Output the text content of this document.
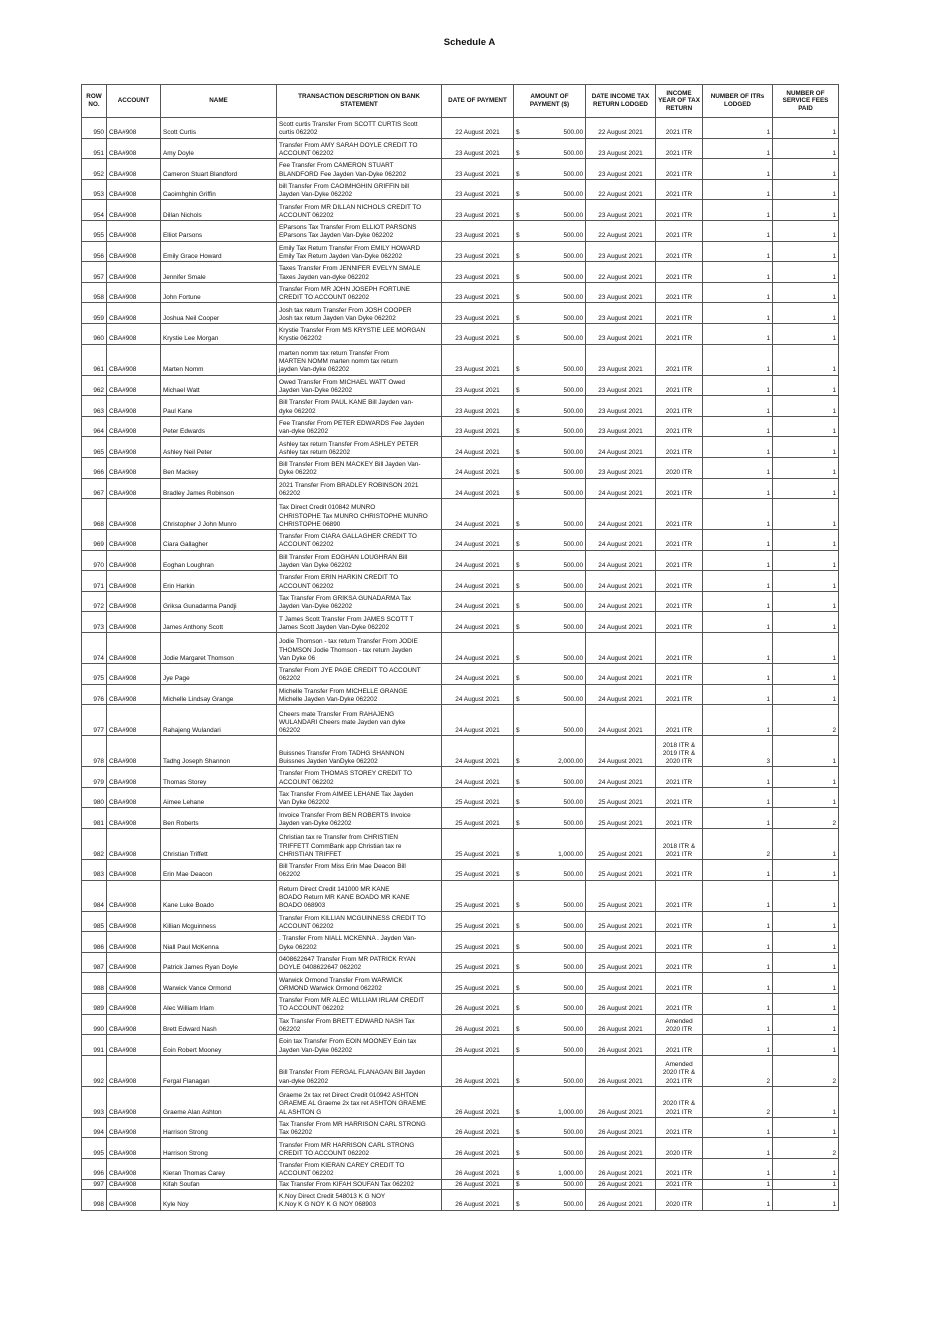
Schedule A
ROW NO.	ACCOUNT	NAME	TRANSACTION DESCRIPTION ON BANK STATEMENT	DATE OF PAYMENT	AMOUNT OF PAYMENT ($)	DATE INCOME TAX RETURN LODGED	INCOME YEAR OF TAX RETURN	NUMBER OF ITRs LODGED	NUMBER OF SERVICE FEES PAID
950	CBA#908	Scott Curtis	Scott curtis Transfer From SCOTT CURTIS Scott
curtis 062202	22 August 2021	$ 500.00	22 August 2021	2021 ITR	1	1
951	CBA#908	Amy Doyle	Transfer From AMY SARAH DOYLE CREDIT TO
ACCOUNT 062202	23 August 2021	$ 500.00	23 August 2021	2021 ITR	1	1
952	CBA#908	Cameron Stuart Blandford	Fee Transfer From CAMERON STUART
BLANDFORD Fee Jayden Van-Dyke 062202	23 August 2021	$ 500.00	23 August 2021	2021 ITR	1	1
953	CBA#908	Caoimhghin Griffin	bill Transfer From CAOIMHGHIN GRIFFIN bill
Jayden Van-Dyke 062202	23 August 2021	$ 500.00	22 August 2021	2021 ITR	1	1
954	CBA#908	Dillan Nichols	Transfer From MR DILLAN NICHOLS CREDIT TO
ACCOUNT 062202	23 August 2021	$ 500.00	23 August 2021	2021 ITR	1	1
955	CBA#908	Elliot Parsons	EParsons Tax Transfer From ELLIOT PARSONS
EParsons Tax Jayden Van-Dyke 062202	23 August 2021	$ 500.00	22 August 2021	2021 ITR	1	1
956	CBA#908	Emily Grace Howard	Emily Tax Return Transfer From EMILY HOWARD
Emily Tax Return Jayden Van-Dyke 062202	23 August 2021	$ 500.00	23 August 2021	2021 ITR	1	1
957	CBA#908	Jennifer Smale	Taxes Transfer From JENNIFER EVELYN SMALE
Taxes Jayden van-dyke 062202	23 August 2021	$ 500.00	22 August 2021	2021 ITR	1	1
958	CBA#908	John Fortune	Transfer From MR JOHN JOSEPH FORTUNE
CREDIT TO ACCOUNT 062202	23 August 2021	$ 500.00	23 August 2021	2021 ITR	1	1
959	CBA#908	Joshua Neil Cooper	Josh tax return Transfer From JOSH COOPER
Josh tax return Jayden Van Dyke 062202	23 August 2021	$ 500.00	23 August 2021	2021 ITR	1	1
960	CBA#908	Krystie Lee Morgan	Krystie Transfer From MS KRYSTIE LEE MORGAN
Krystie 062202	23 August 2021	$ 500.00	23 August 2021	2021 ITR	1	1
961	CBA#908	Marten Nomm	marten nomm tax return Transfer From
MARTEN NOMM marten nomm tax return
jayden Van-dyke 062202	23 August 2021	$ 500.00	23 August 2021	2021 ITR	1	1
962	CBA#908	Michael Watt	Owed Transfer From MICHAEL WATT Owed
Jayden Van-Dyke 062202	23 August 2021	$ 500.00	23 August 2021	2021 ITR	1	1
963	CBA#908	Paul Kane	Bill Transfer From PAUL KANE Bill Jayden van-
dyke 062202	23 August 2021	$ 500.00	23 August 2021	2021 ITR	1	1
964	CBA#908	Peter Edwards	Fee Transfer From PETER EDWARDS Fee Jayden
van-dyke 062202	23 August 2021	$ 500.00	23 August 2021	2021 ITR	1	1
965	CBA#908	Ashley Neil Peter	Ashley tax return Transfer From ASHLEY PETER
Ashley tax return 062202	24 August 2021	$ 500.00	24 August 2021	2021 ITR	1	1
966	CBA#908	Ben Mackey	Bill Transfer From BEN MACKEY Bill Jayden Van-
Dyke 062202	24 August 2021	$ 500.00	23 August 2021	2020 ITR	1	1
967	CBA#908	Bradley James Robinson	2021 Transfer From BRADLEY ROBINSON 2021
062202	24 August 2021	$ 500.00	24 August 2021	2021 ITR	1	1
968	CBA#908	Christopher J John Munro	Tax Direct Credit 010842 MUNRO
CHRISTOPHE Tax MUNRO CHRISTOPHE MUNRO
CHRISTOPHE 06890	24 August 2021	$ 500.00	24 August 2021	2021 ITR	1	1
969	CBA#908	Ciara Gallagher	Transfer From CIARA GALLAGHER CREDIT TO
ACCOUNT 062202	24 August 2021	$ 500.00	24 August 2021	2021 ITR	1	1
970	CBA#908	Eoghan Loughran	Bill Transfer From EOGHAN LOUGHRAN Bill
Jayden Van Dyke 062202	24 August 2021	$ 500.00	24 August 2021	2021 ITR	1	1
971	CBA#908	Erin Harkin	Transfer From ERIN HARKIN CREDIT TO
ACCOUNT 062202	24 August 2021	$ 500.00	24 August 2021	2021 ITR	1	1
972	CBA#908	Griksa Gunadarma Pandji	Tax Transfer From GRIKSA GUNADARMA Tax
Jayden Van-Dyke 062202	24 August 2021	$ 500.00	24 August 2021	2021 ITR	1	1
973	CBA#908	James Anthony Scott	T James Scott Transfer From JAMES SCOTT T
James Scott Jayden Van-Dyke 062202	24 August 2021	$ 500.00	24 August 2021	2021 ITR	1	1
974	CBA#908	Jodie Margaret Thomson	Jodie Thomson - tax return Transfer From JODIE
THOMSON Jodie Thomson - tax return Jayden
Van Dyke 06	24 August 2021	$ 500.00	24 August 2021	2021 ITR	1	1
975	CBA#908	Jye Page	Transfer From JYE PAGE CREDIT TO ACCOUNT
062202	24 August 2021	$ 500.00	24 August 2021	2021 ITR	1	1
976	CBA#908	Michelle Lindsay Grange	Michelle Transfer From MICHELLE GRANGE
Michelle Jayden Van-Dyke 062202	24 August 2021	$ 500.00	24 August 2021	2021 ITR	1	1
977	CBA#908	Rahajeng Wulandari	Cheers mate Transfer From RAHAJENG
WULANDARI Cheers mate Jayden van dyke
062202	24 August 2021	$ 500.00	24 August 2021	2021 ITR	1	2
978	CBA#908	Tadhg Joseph Shannon	Buissnes Transfer From TADHG SHANNON
Buissnes Jayden VanDyke 062202	24 August 2021	$ 2,000.00	24 August 2021	2018 ITR &
2019 ITR &
2020 ITR	3	1
979	CBA#908	Thomas Storey	Transfer From THOMAS STOREY CREDIT TO
ACCOUNT 062202	24 August 2021	$ 500.00	24 August 2021	2021 ITR	1	1
980	CBA#908	Aimee Lehane	Tax Transfer From AIMEE LEHANE Tax Jayden
Van Dyke 062202	25 August 2021	$ 500.00	25 August 2021	2021 ITR	1	1
981	CBA#908	Ben Roberts	Invoice Transfer From BEN ROBERTS Invoice
Jayden van-Dyke 062202	25 August 2021	$ 500.00	25 August 2021	2021 ITR	1	2
982	CBA#908	Christian Triffett	Christian tax re Transfer from CHRISTIEN
TRIFFETT CommBank app Christian tax re
CHRISTIAN TRIFFET	25 August 2021	$ 1,000.00	25 August 2021	2018 ITR &
2021 ITR	2	1
983	CBA#908	Erin Mae Deacon	Bill Transfer From Miss Erin Mae Deacon Bill
062202	25 August 2021	$ 500.00	25 August 2021	2021 ITR	1	1
984	CBA#908	Kane Luke Boado	Return Direct Credit 141000 MR KANE
BOADO Return MR KANE BOADO MR KANE
BOADO 068903	25 August 2021	$ 500.00	25 August 2021	2021 ITR	1	1
985	CBA#908	Killian Mcguinness	Transfer From KILLIAN MCGUINNESS CREDIT TO
ACCOUNT 062202	25 August 2021	$ 500.00	25 August 2021	2021 ITR	1	1
986	CBA#908	Niall Paul McKenna	. Transfer From NIALL MCKENNA . Jayden Van-
Dyke 062202	25 August 2021	$ 500.00	25 August 2021	2021 ITR	1	1
987	CBA#908	Patrick James Ryan Doyle	0408622647 Transfer From MR PATRICK RYAN
DOYLE 0408622647 062202	25 August 2021	$ 500.00	25 August 2021	2021 ITR	1	1
988	CBA#908	Warwick Vance Ormond	Warwick Ormond Transfer From WARWICK
ORMOND Warwick Ormond 062202	25 August 2021	$ 500.00	25 August 2021	2021 ITR	1	1
989	CBA#908	Alec William Irlam	Transfer From MR ALEC WILLIAM IRLAM CREDIT
TO ACCOUNT 062202	26 August 2021	$ 500.00	26 August 2021	2021 ITR	1	1
990	CBA#908	Brett Edward Nash	Tax Transfer From BRETT EDWARD NASH Tax
062202	26 August 2021	$ 500.00	26 August 2021	Amended
2020 ITR	1	1
991	CBA#908	Eoin Robert Mooney	Eoin tax Transfer From EOIN MOONEY Eoin tax
Jayden Van-Dyke 062202	26 August 2021	$ 500.00	26 August 2021	2021 ITR	1	1
992	CBA#908	Fergal Flanagan	Bill Transfer From FERGAL FLANAGAN Bill Jayden
van-dyke 062202	26 August 2021	$ 500.00	26 August 2021	Amended
2020 ITR &
2021 ITR	2	2
993	CBA#908	Graeme Alan Ashton	Graeme 2x tax ret Direct Credit 010942 ASHTON
GRAEME AL Graeme 2x tax ret ASHTON GRAEME
AL ASHTON G	26 August 2021	$ 1,000.00	26 August 2021	2020 ITR &
2021 ITR	2	1
994	CBA#908	Harrison Strong	Tax Transfer From MR HARRISON CARL STRONG
Tax 062202	26 August 2021	$ 500.00	26 August 2021	2021 ITR	1	1
995	CBA#908	Harrison Strong	Transfer From MR HARRISON CARL STRONG
CREDIT TO ACCOUNT 062202	26 August 2021	$ 500.00	26 August 2021	2020 ITR	1	2
996	CBA#908	Kieran Thomas Carey	Transfer From KIERAN CAREY CREDIT TO
ACCOUNT 062202	26 August 2021	$ 1,000.00	26 August 2021	2021 ITR	1	1
997	CBA#908	Kifah Soufan	Tax Transfer From KIFAH SOUFAN Tax 062202	26 August 2021	$ 500.00	26 August 2021	2021 ITR	1	1
998	CBA#908	Kyle Noy	K.Noy Direct Credit 548013 K G NOY
K.Noy K G NOY K G NOY 068903	26 August 2021	$ 500.00	26 August 2021	2020 ITR	1	1
